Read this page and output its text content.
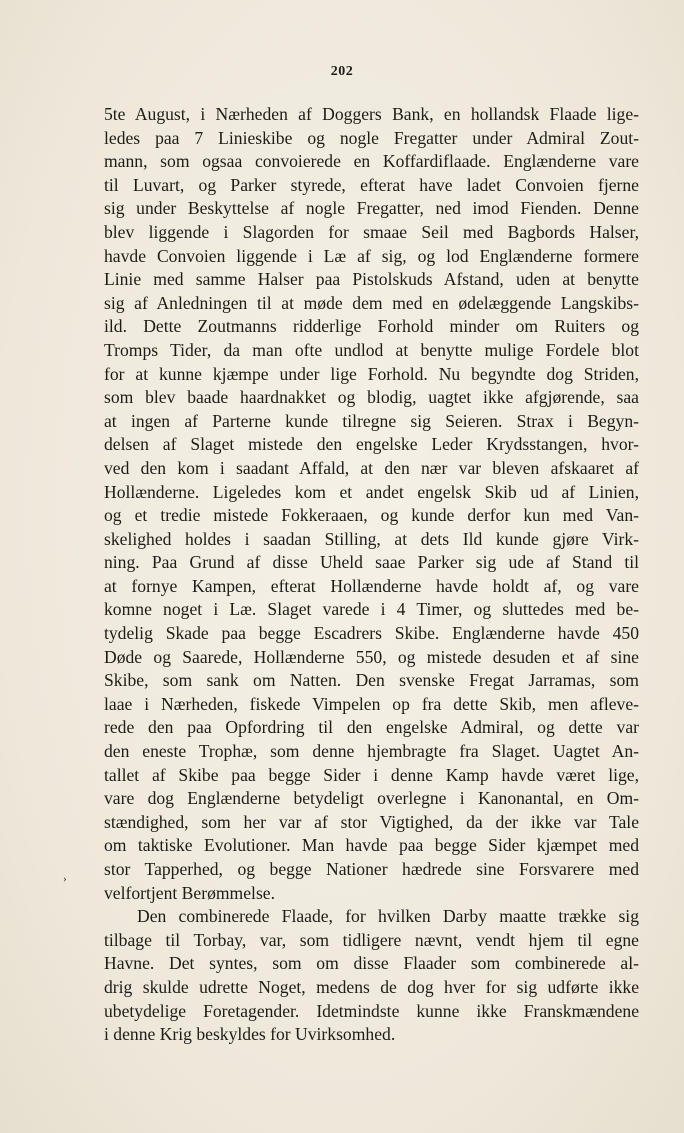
202
›
5te August, i Nærheden af Doggers Bank, en hollandsk Flaade lige-
ledes paa 7 Linieskibe og nogle Fregatter under Admiral Zout-
mann, som ogsaa convoierede en Koffardiflaade. Englænderne vare
til Luvart, og Parker styrede, efterat have ladet Convoien fjerne
sig under Beskyttelse af nogle Fregatter, ned imod Fienden. Denne
blev liggende i Slagorden for smaae Seil med Bagbords Halser,
havde Convoien liggende i Læ af sig, og lod Englænderne formere
Linie med samme Halser paa Pistolskuds Afstand, uden at benytte
sig af Anledningen til at møde dem med en ødelæggende Langskibs-
ild. Dette Zoutmanns ridderlige Forhold minder om Ruiters og
Tromps Tider, da man ofte undlod at benytte mulige Fordele blot
for at kunne kjæmpe under lige Forhold. Nu begyndte dog Striden,
som blev baade haardnakket og blodig, uagtet ikke afgjørende, saa
at ingen af Parterne kunde tilregne sig Seieren. Strax i Begyn-
delsen af Slaget mistede den engelske Leder Krydsstangen, hvor-
ved den kom i saadant Affald, at den nær var bleven afskaaret af
Hollænderne. Ligeledes kom et andet engelsk Skib ud af Linien,
og et tredie mistede Fokkeraaen, og kunde derfor kun med Van-
skelighed holdes i saadan Stilling, at dets Ild kunde gjøre Virk-
ning. Paa Grund af disse Uheld saae Parker sig ude af Stand til
at fornye Kampen, efterat Hollænderne havde holdt af, og vare
komne noget i Læ. Slaget varede i 4 Timer, og sluttedes med be-
tydelig Skade paa begge Escadrers Skibe. Englænderne havde 450
Døde og Saarede, Hollænderne 550, og mistede desuden et af sine
Skibe, som sank om Natten. Den svenske Fregat Jarramas, som
laae i Nærheden, fiskede Vimpelen op fra dette Skib, men afleve-
rede den paa Opfordring til den engelske Admiral, og dette var
den eneste Trophæ, som denne hjembragte fra Slaget. Uagtet An-
tallet af Skibe paa begge Sider i denne Kamp havde været lige,
vare dog Englænderne betydeligt overlegne i Kanonantal, en Om-
stændighed, som her var af stor Vigtighed, da der ikke var Tale
om taktiske Evolutioner. Man havde paa begge Sider kjæmpet med
stor Tapperhed, og begge Nationer hædrede sine Forsvarere med
velfortjent Berømmelse.
Den combinerede Flaade, for hvilken Darby maatte trække sig
tilbage til Torbay, var, som tidligere nævnt, vendt hjem til egne
Havne. Det syntes, som om disse Flaader som combinerede al-
drig skulde udrette Noget, medens de dog hver for sig udførte ikke
ubetydelige Foretagender. Idetmindste kunne ikke Franskmændene
i denne Krig beskyldes for Uvirksomhed.
